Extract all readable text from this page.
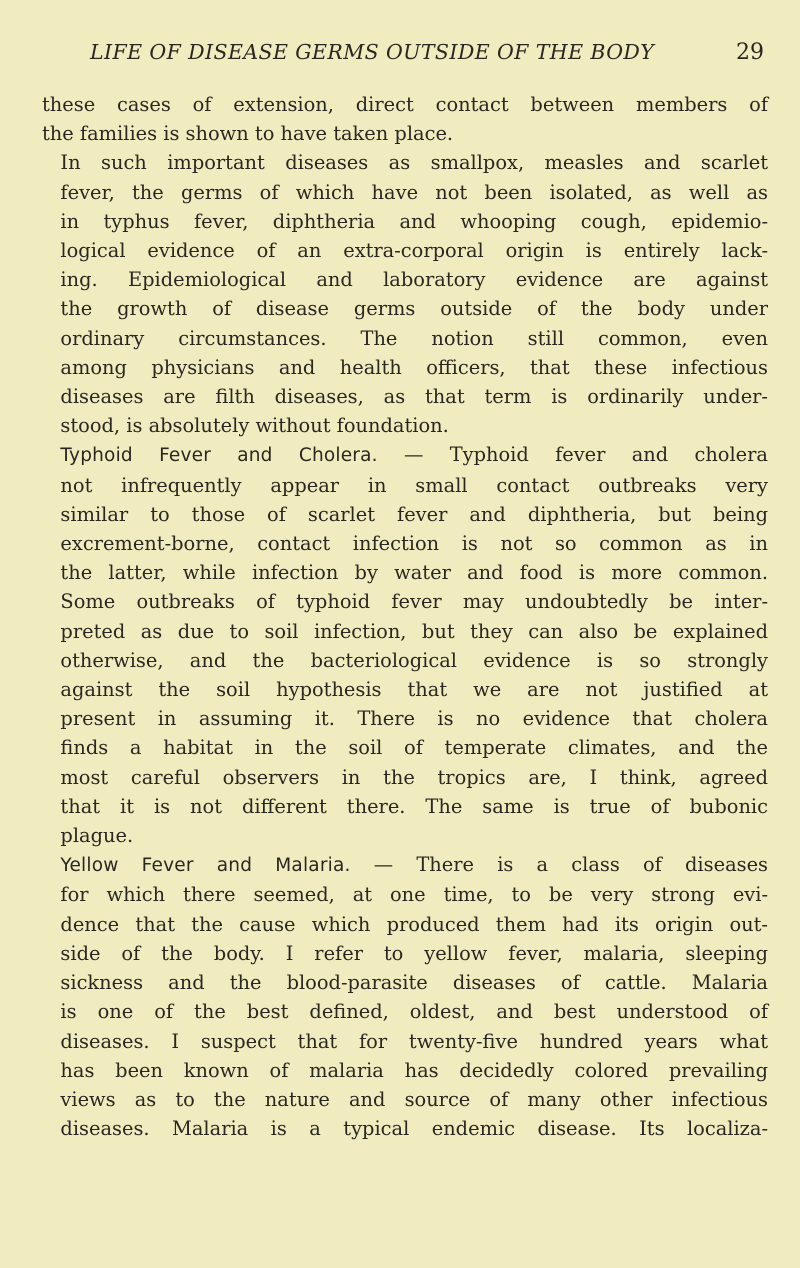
LIFE OF DISEASE GERMS OUTSIDE OF THE BODY	29

these cases of extension, direct contact between members of
the families is shown to have taken place.

In such important diseases as smallpox, measles and scarlet
fever, the germs of which have not been isolated, as well as
in typhus fever, diphtheria and whooping cough, epidemio-
logical evidence of an extra-corporal origin is entirely lack-
ing. Epidemiological and laboratory evidence are against
the growth of disease germs outside of the body under
ordinary circumstances. The notion still common, even
among physicians and health officers, that these infectious
diseases are filth diseases, as that term is ordinarily under-
stood, is absolutely without foundation.

Typhoid Fever and Cholera. — Typhoid fever and cholera
not infrequently appear in small contact outbreaks very
similar to those of scarlet fever and diphtheria, but being
excrement-borne, contact infection is not so common as in
the latter, while infection by water and food is more common.
Some outbreaks of typhoid fever may undoubtedly be inter-
preted as due to soil infection, but they can also be explained
otherwise, and the bacteriological evidence is so strongly
against the soil hypothesis that we are not justified at
present in assuming it. There is no evidence that cholera
finds a habitat in the soil of temperate climates, and the
most careful observers in the tropics are, I think, agreed
that it is not different there. The same is true of bubonic
plague.

Yellow Fever and Malaria. — There is a class of diseases
for which there seemed, at one time, to be very strong evi-
dence that the cause which produced them had its origin out-
side of the body. I refer to yellow fever, malaria, sleeping
sickness and the blood-parasite diseases of cattle. Malaria
is one of the best defined, oldest, and best understood of
diseases. I suspect that for twenty-five hundred years what
has been known of malaria has decidedly colored prevailing
views as to the nature and source of many other infectious
diseases. Malaria is a typical endemic disease. Its localiza-
